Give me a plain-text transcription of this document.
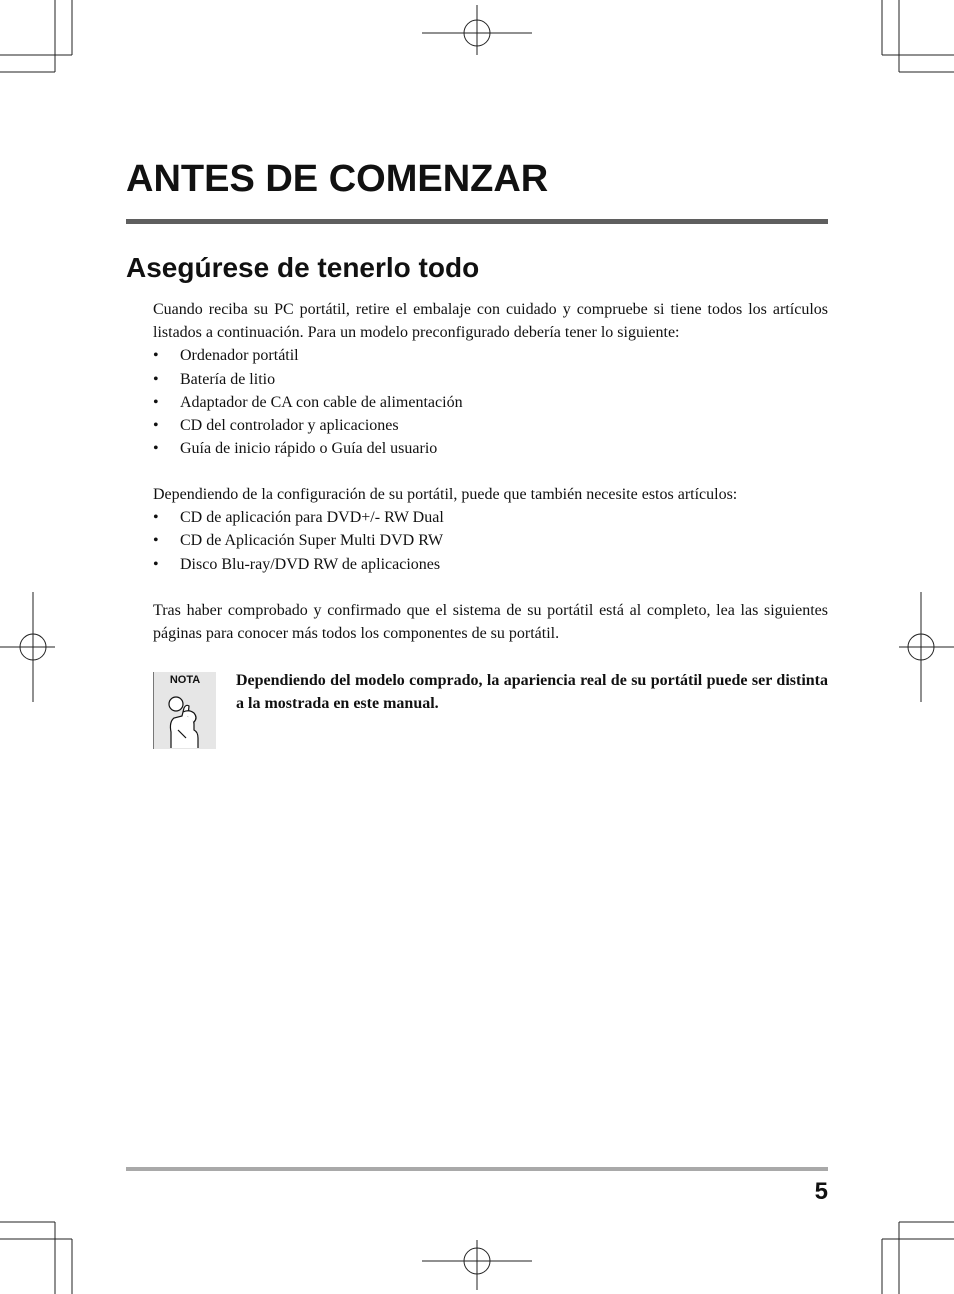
ANTES DE COMENZAR
Asegúrese de tenerlo todo

Cuando reciba su PC portátil, retire el embalaje con cuidado y compruebe si tiene todos los artículos listados a continuación. Para un modelo preconfigurado debería tener lo siguiente:

• Ordenador portátil
• Batería de litio
• Adaptador de CA con cable de alimentación
• CD del controlador y aplicaciones
• Guía de inicio rápido o Guía del usuario

Dependiendo de la configuración de su portátil, puede que también necesite estos artículos:

• CD de aplicación para DVD+/- RW Dual
• CD de Aplicación Super Multi DVD RW
• Disco Blu-ray/DVD RW de aplicaciones

Tras haber comprobado y confirmado que el sistema de su portátil está al completo, lea las siguientes páginas para conocer más todos los componentes de su portátil.

NOTA	Dependiendo del modelo comprado, la apariencia real de su portátil puede ser distinta a la mostrada en este manual.

5
